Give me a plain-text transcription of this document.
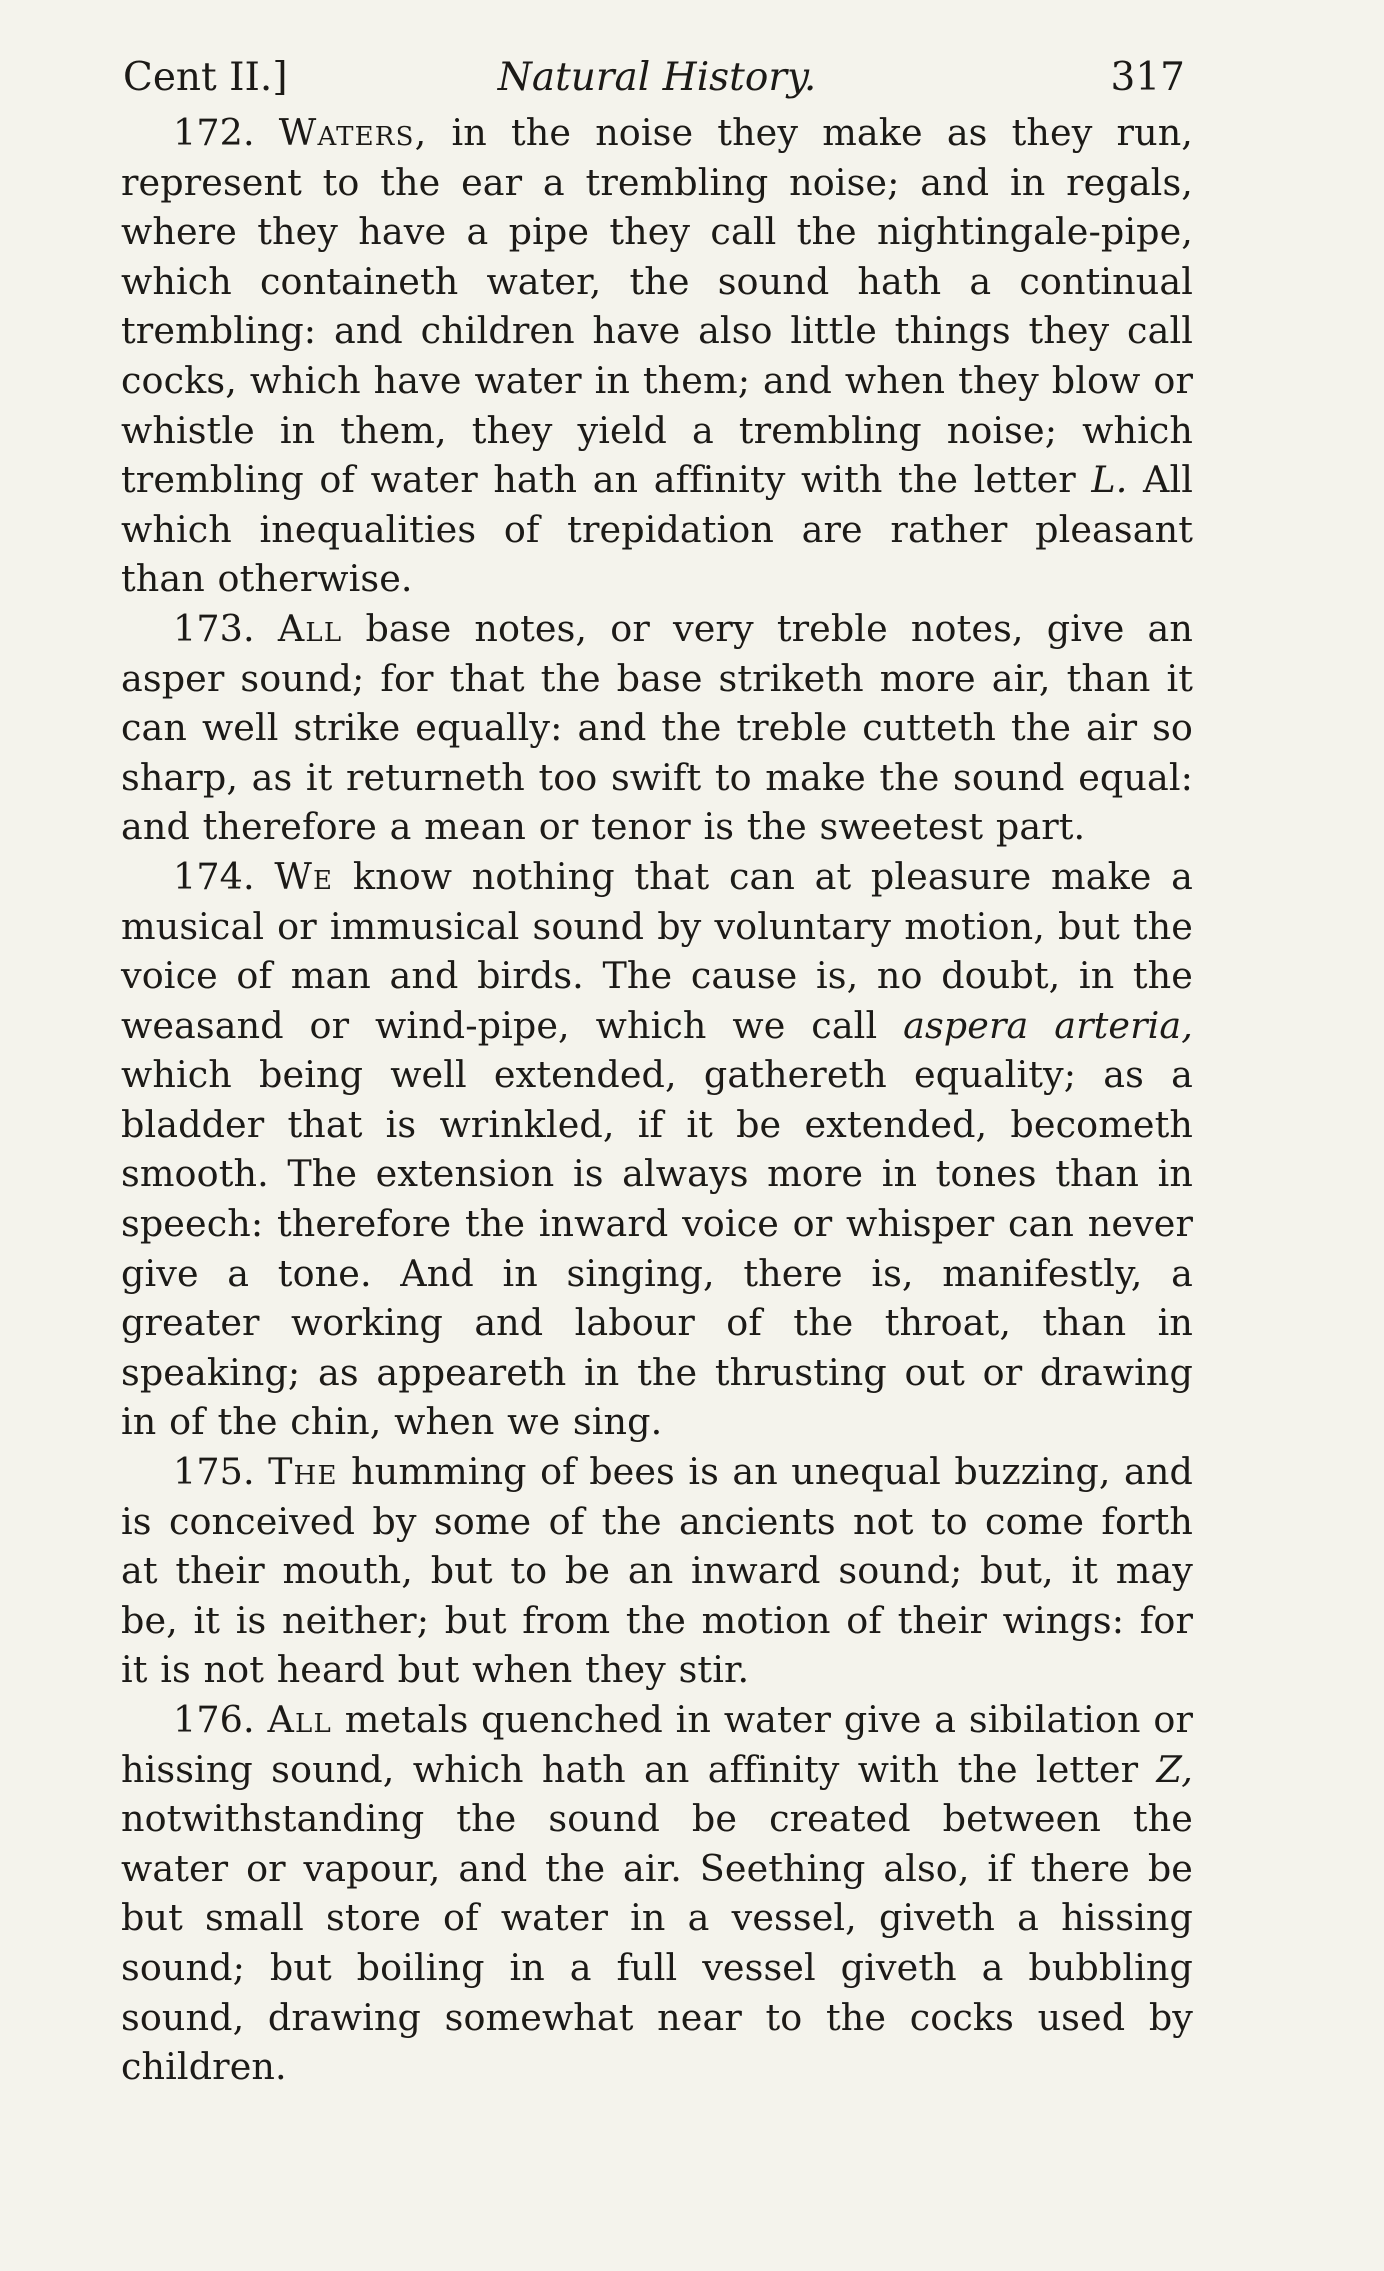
Cent II.]	Natural History.	317

172. Waters, in the noise they make as they run, represent to the ear a trembling noise; and in regals, where they have a pipe they call the nightingale-pipe, which containeth water, the sound hath a continual trembling: and children have also little things they call cocks, which have water in them; and when they blow or whistle in them, they yield a trembling noise; which trembling of water hath an affinity with the letter L. All which inequalities of trepidation are rather pleasant than otherwise.

173. All base notes, or very treble notes, give an asper sound; for that the base striketh more air, than it can well strike equally: and the treble cutteth the air so sharp, as it returneth too swift to make the sound equal: and therefore a mean or tenor is the sweetest part.

174. We know nothing that can at pleasure make a musical or immusical sound by voluntary motion, but the voice of man and birds. The cause is, no doubt, in the weasand or wind-pipe, which we call aspera arteria, which being well extended, gathereth equality; as a bladder that is wrinkled, if it be extended, becometh smooth. The extension is always more in tones than in speech: therefore the inward voice or whisper can never give a tone. And in singing, there is, manifestly, a greater working and labour of the throat, than in speaking; as appeareth in the thrusting out or drawing in of the chin, when we sing.

175. The humming of bees is an unequal buzzing, and is conceived by some of the ancients not to come forth at their mouth, but to be an inward sound; but, it may be, it is neither; but from the motion of their wings: for it is not heard but when they stir.

176. All metals quenched in water give a sibilation or hissing sound, which hath an affinity with the letter Z, notwithstanding the sound be created between the water or vapour, and the air. Seething also, if there be but small store of water in a vessel, giveth a hissing sound; but boiling in a full vessel giveth a bubbling sound, drawing somewhat near to the cocks used by children.
